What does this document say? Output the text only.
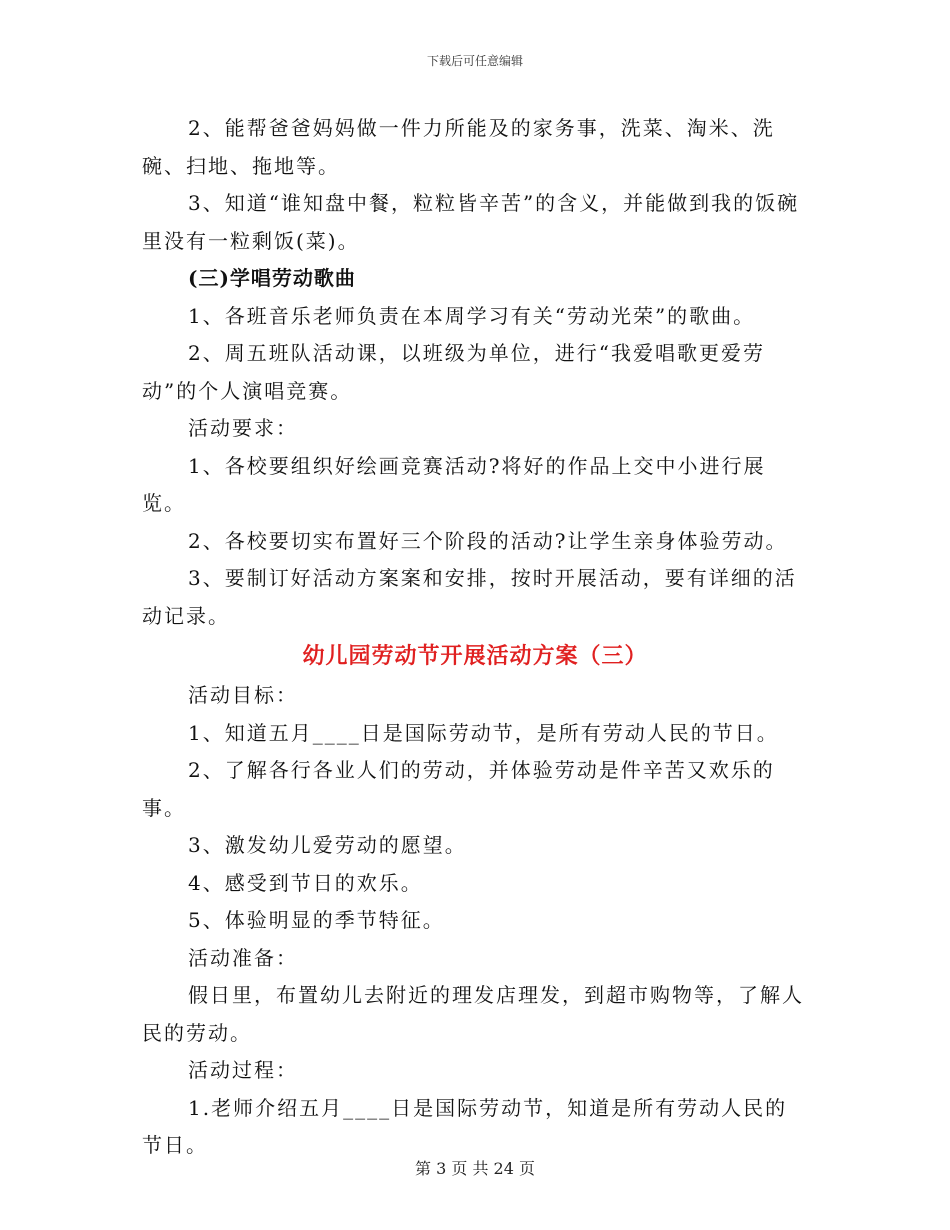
下载后可任意编辑

2、能帮爸爸妈妈做一件力所能及的家务事，洗菜、淘米、洗碗、扫地、拖地等。

3、知道“谁知盘中餐，粒粒皆辛苦”的含义，并能做到我的饭碗里没有一粒剩饭(菜)。

(三)学唱劳动歌曲

1、各班音乐老师负责在本周学习有关“劳动光荣”的歌曲。

2、周五班队活动课，以班级为单位，进行“我爱唱歌更爱劳动”的个人演唱竞赛。

活动要求：

1、各校要组织好绘画竞赛活动?将好的作品上交中小进行展览。

2、各校要切实布置好三个阶段的活动?让学生亲身体验劳动。

3、要制订好活动方案案和安排，按时开展活动，要有详细的活动记录。

幼儿园劳动节开展活动方案（三）

活动目标：

1、知道五月____日是国际劳动节，是所有劳动人民的节日。

2、了解各行各业人们的劳动，并体验劳动是件辛苦又欢乐的事。

3、激发幼儿爱劳动的愿望。

4、感受到节日的欢乐。

5、体验明显的季节特征。

活动准备：

假日里，布置幼儿去附近的理发店理发，到超市购物等，了解人民的劳动。

活动过程：

1.老师介绍五月____日是国际劳动节，知道是所有劳动人民的节日。

第 3 页 共 24 页
